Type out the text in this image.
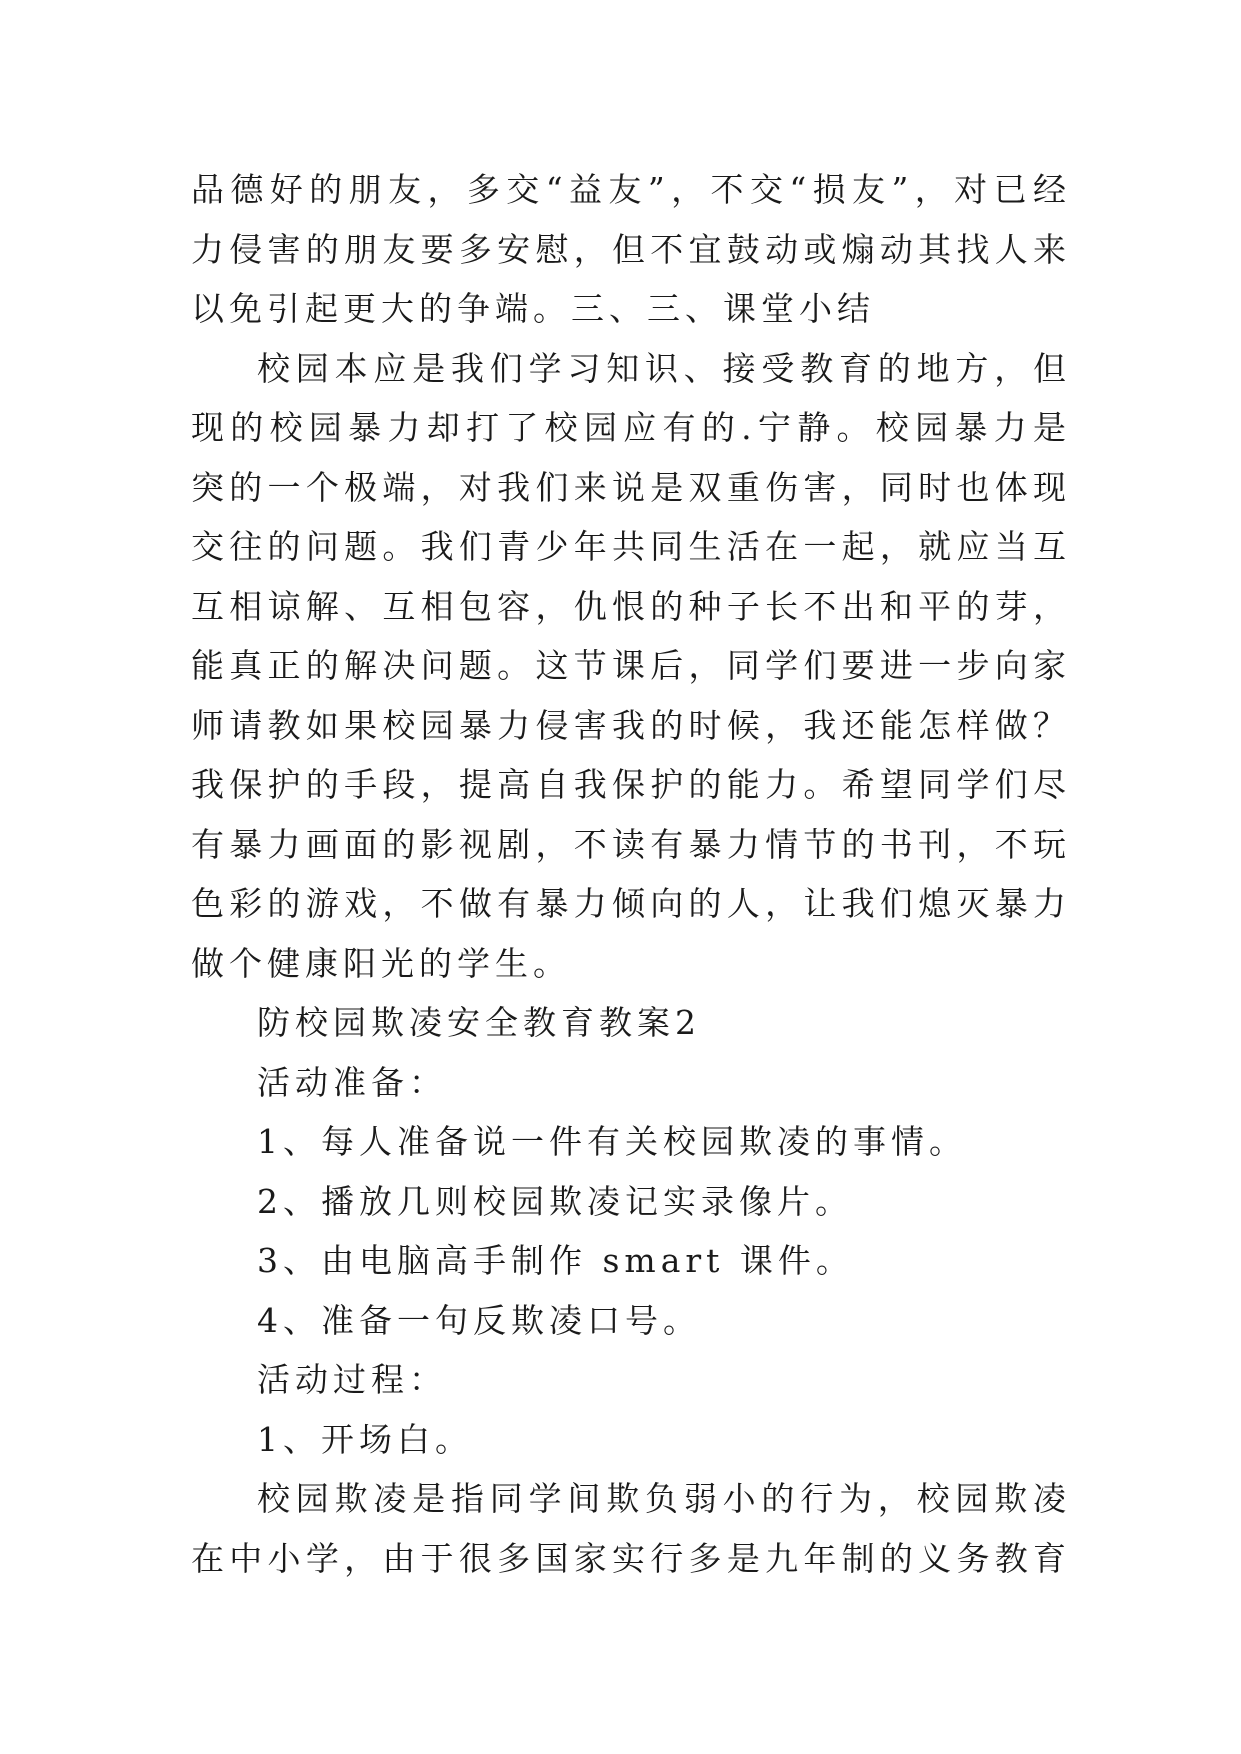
品德好的朋友，多交“益友”，不交“损友”，对已经
力侵害的朋友要多安慰，但不宜鼓动或煽动其找人来
以免引起更大的争端。三、三、课堂小结
校园本应是我们学习知识、接受教育的地方，但
现的校园暴力却打了校园应有的.宁静。校园暴力是
突的一个极端，对我们来说是双重伤害，同时也体现
交往的问题。我们青少年共同生活在一起，就应当互
互相谅解、互相包容，仇恨的种子长不出和平的芽，
能真正的解决问题。这节课后，同学们要进一步向家
师请教如果校园暴力侵害我的时候，我还能怎样做？
我保护的手段，提高自我保护的能力。希望同学们尽
有暴力画面的影视剧，不读有暴力情节的书刊，不玩
色彩的游戏，不做有暴力倾向的人，让我们熄灭暴力
做个健康阳光的学生。
防校园欺凌安全教育教案2
活动准备：
1、每人准备说一件有关校园欺凌的事情。
2、播放几则校园欺凌记实录像片。
3、由电脑高手制作 smart 课件。
4、准备一句反欺凌口号。
活动过程：
1、开场白。
校园欺凌是指同学间欺负弱小的行为，校园欺凌
在中小学，由于很多国家实行多是九年制的义务教育
